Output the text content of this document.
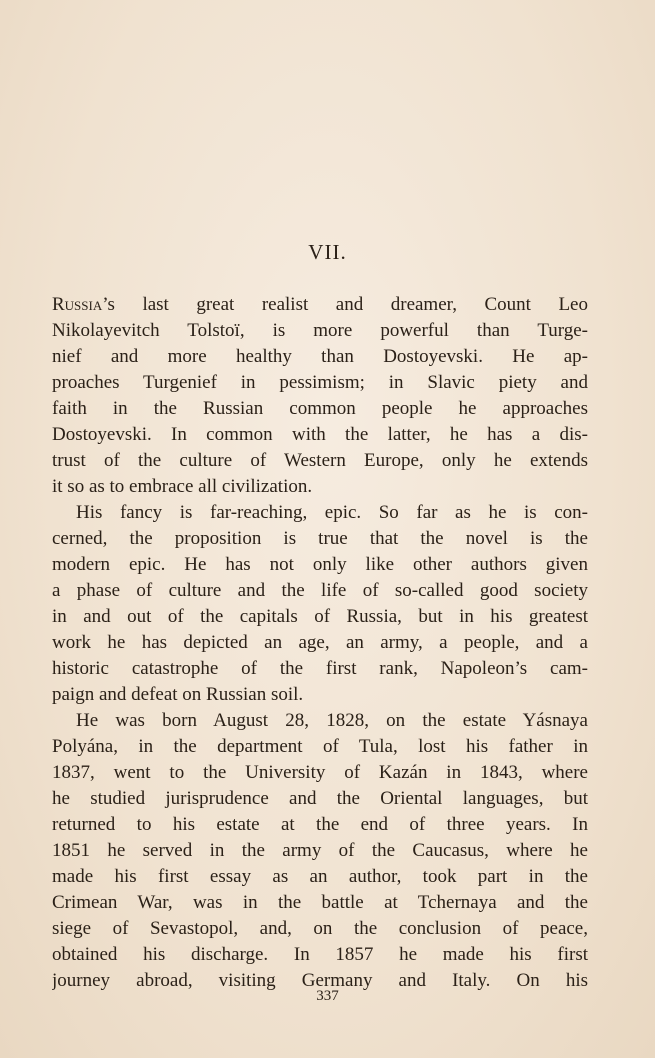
VII.
Russia’s last great realist and dreamer, Count Leo
Nikolayevitch Tolstoï, is more powerful than Turge-
nief and more healthy than Dostoyevski. He ap-
proaches Turgenief in pessimism; in Slavic piety and
faith in the Russian common people he approaches
Dostoyevski. In common with the latter, he has a dis-
trust of the culture of Western Europe, only he extends
it so as to embrace all civilization.
His fancy is far-reaching, epic. So far as he is con-
cerned, the proposition is true that the novel is the
modern epic. He has not only like other authors given
a phase of culture and the life of so-called good society
in and out of the capitals of Russia, but in his greatest
work he has depicted an age, an army, a people, and a
historic catastrophe of the first rank, Napoleon’s cam-
paign and defeat on Russian soil.
He was born August 28, 1828, on the estate Yásnaya
Polyána, in the department of Tula, lost his father in
1837, went to the University of Kazán in 1843, where
he studied jurisprudence and the Oriental languages, but
returned to his estate at the end of three years. In
1851 he served in the army of the Caucasus, where he
made his first essay as an author, took part in the
Crimean War, was in the battle at Tchernaya and the
siege of Sevastopol, and, on the conclusion of peace,
obtained his discharge. In 1857 he made his first
journey abroad, visiting Germany and Italy. On his
337
